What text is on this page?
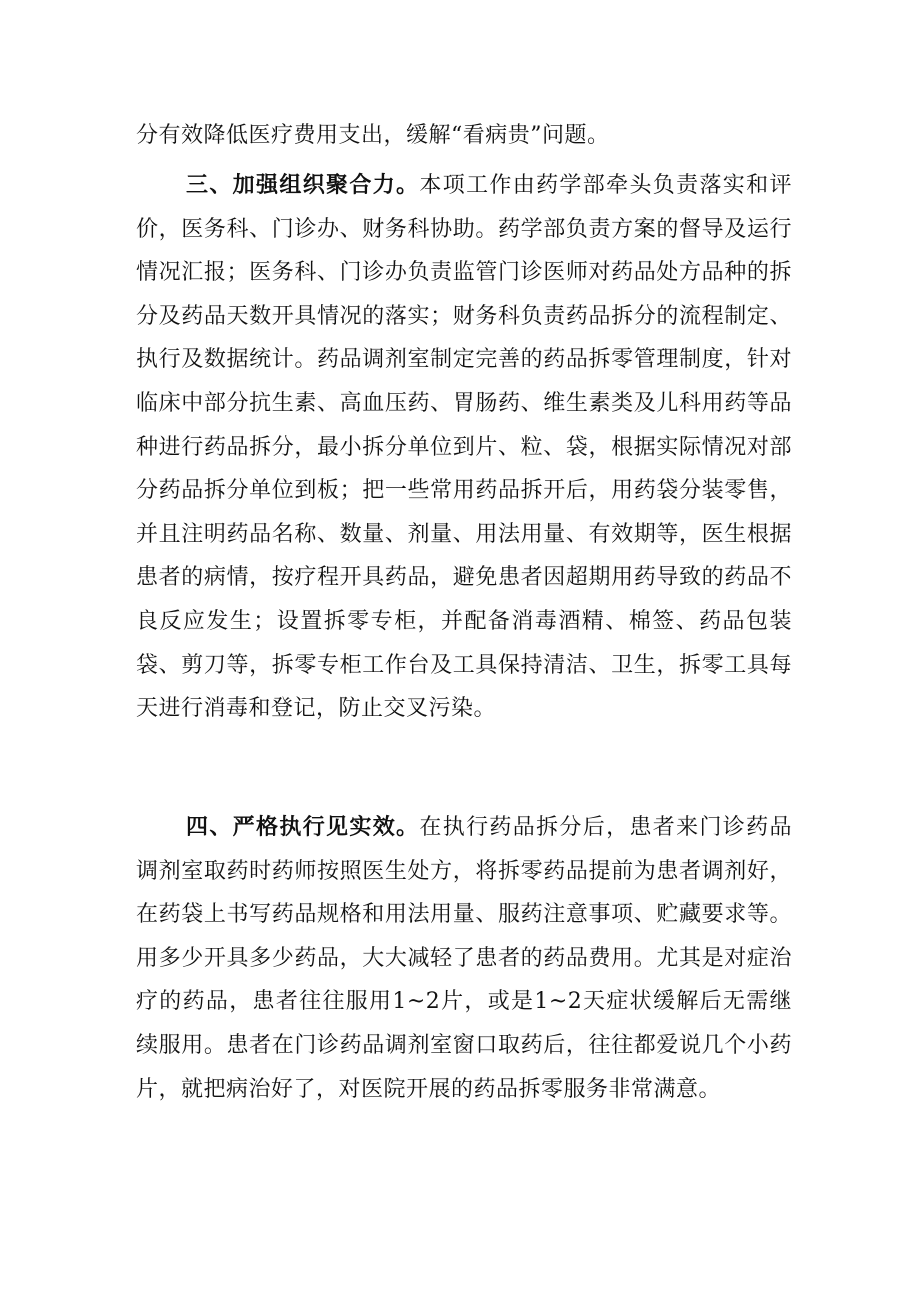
分有效降低医疗费用支出，缓解“看病贵”问题。

三、加强组织聚合力。本项工作由药学部牵头负责落实和评价，医务科、门诊办、财务科协助。药学部负责方案的督导及运行情况汇报；医务科、门诊办负责监管门诊医师对药品处方品种的拆分及药品天数开具情况的落实；财务科负责药品拆分的流程制定、执行及数据统计。药品调剂室制定完善的药品拆零管理制度，针对临床中部分抗生素、高血压药、胃肠药、维生素类及儿科用药等品种进行药品拆分，最小拆分单位到片、粒、袋，根据实际情况对部分药品拆分单位到板；把一些常用药品拆开后，用药袋分装零售，并且注明药品名称、数量、剂量、用法用量、有效期等，医生根据患者的病情，按疗程开具药品，避免患者因超期用药导致的药品不良反应发生；设置拆零专柜，并配备消毒酒精、棉签、药品包装袋、剪刀等，拆零专柜工作台及工具保持清洁、卫生，拆零工具每天进行消毒和登记，防止交叉污染。

四、严格执行见实效。在执行药品拆分后，患者来门诊药品调剂室取药时药师按照医生处方，将拆零药品提前为患者调剂好，在药袋上书写药品规格和用法用量、服药注意事项、贮藏要求等。用多少开具多少药品，大大减轻了患者的药品费用。尤其是对症治疗的药品，患者往往服用1~2片，或是1~2天症状缓解后无需继续服用。患者在门诊药品调剂室窗口取药后，往往都爱说几个小药片，就把病治好了，对医院开展的药品拆零服务非常满意。
